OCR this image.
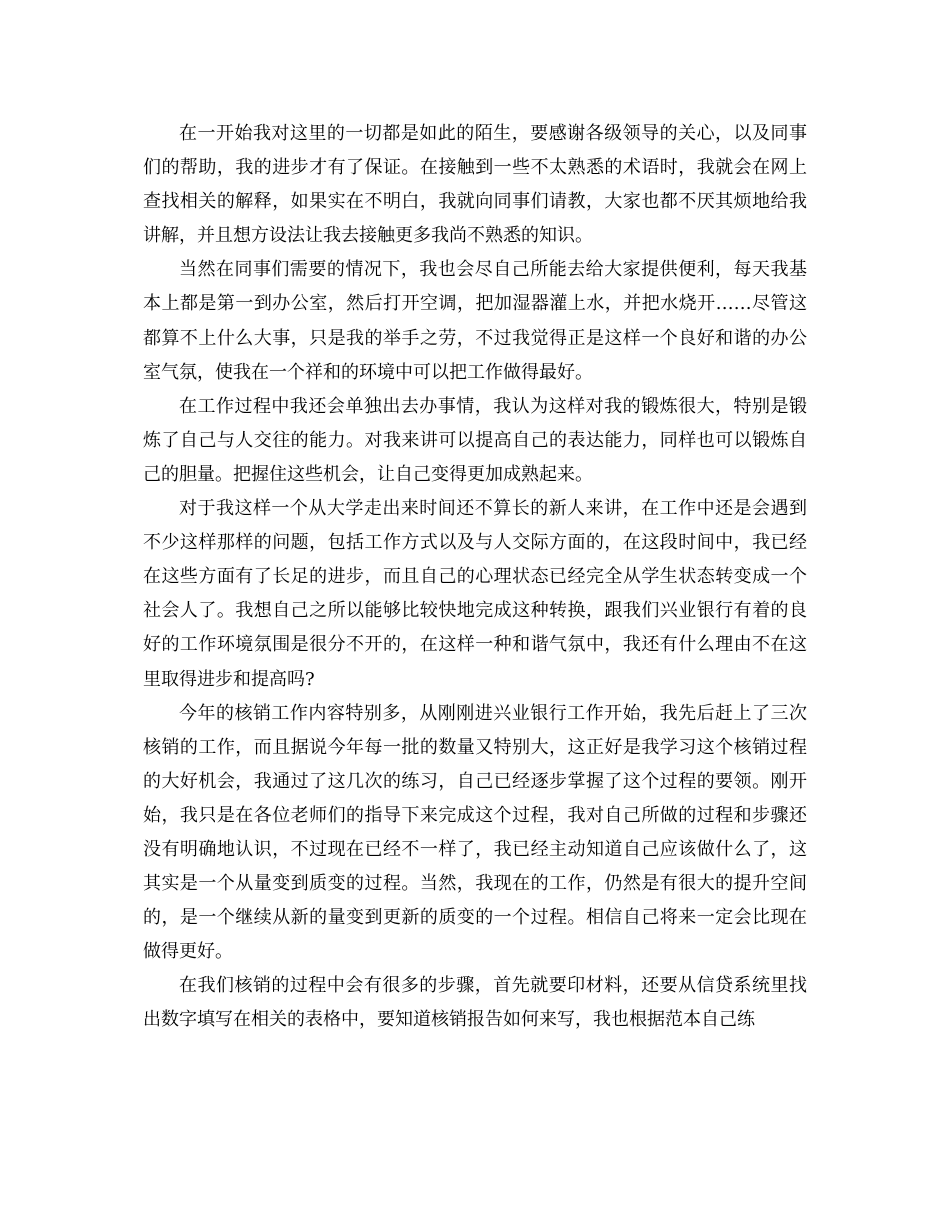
在一开始我对这里的一切都是如此的陌生，要感谢各级领导的关心，以及同事们的帮助，我的进步才有了保证。在接触到一些不太熟悉的术语时，我就会在网上查找相关的解释，如果实在不明白，我就向同事们请教，大家也都不厌其烦地给我讲解，并且想方设法让我去接触更多我尚不熟悉的知识。

当然在同事们需要的情况下，我也会尽自己所能去给大家提供便利，每天我基本上都是第一到办公室，然后打开空调，把加湿器灌上水，并把水烧开……尽管这都算不上什么大事，只是我的举手之劳，不过我觉得正是这样一个良好和谐的办公室气氛，使我在一个祥和的环境中可以把工作做得最好。

在工作过程中我还会单独出去办事情，我认为这样对我的锻炼很大，特别是锻炼了自己与人交往的能力。对我来讲可以提高自己的表达能力，同样也可以锻炼自己的胆量。把握住这些机会，让自己变得更加成熟起来。

对于我这样一个从大学走出来时间还不算长的新人来讲，在工作中还是会遇到不少这样那样的问题，包括工作方式以及与人交际方面的，在这段时间中，我已经在这些方面有了长足的进步，而且自己的心理状态已经完全从学生状态转变成一个社会人了。我想自己之所以能够比较快地完成这种转换，跟我们兴业银行有着的良好的工作环境氛围是很分不开的，在这样一种和谐气氛中，我还有什么理由不在这里取得进步和提高吗?

今年的核销工作内容特别多，从刚刚进兴业银行工作开始，我先后赶上了三次核销的工作，而且据说今年每一批的数量又特别大，这正好是我学习这个核销过程的大好机会，我通过了这几次的练习，自己已经逐步掌握了这个过程的要领。刚开始，我只是在各位老师们的指导下来完成这个过程，我对自己所做的过程和步骤还没有明确地认识，不过现在已经不一样了，我已经主动知道自己应该做什么了，这其实是一个从量变到质变的过程。当然，我现在的工作，仍然是有很大的提升空间的，是一个继续从新的量变到更新的质变的一个过程。相信自己将来一定会比现在做得更好。

在我们核销的过程中会有很多的步骤，首先就要印材料，还要从信贷系统里找出数字填写在相关的表格中，要知道核销报告如何来写，我也根据范本自己练
